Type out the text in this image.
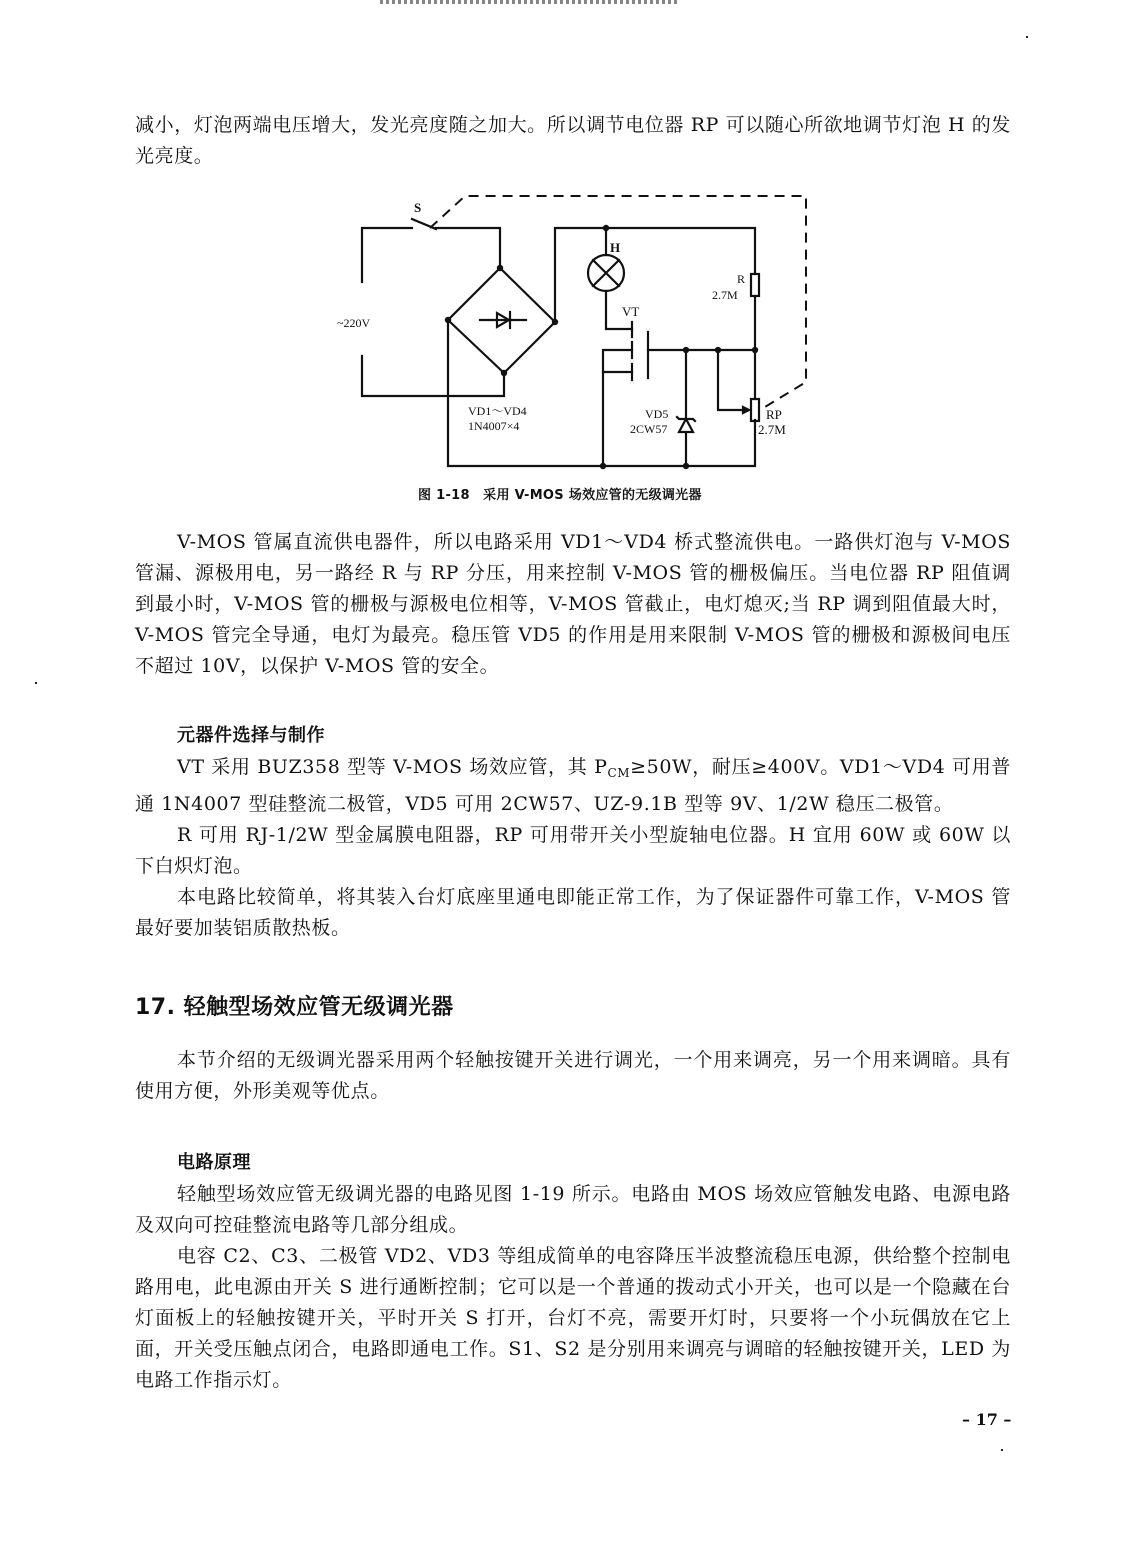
减小，灯泡两端电压增大，发光亮度随之加大。所以调节电位器 RP 可以随心所欲地调节灯泡 H 的发光亮度。

S
~220V
VD1～VD4
1N4007×4
H
VT
R
2.7M
VD5
2CW57
RP
2.7M
图 1-18　采用 V-MOS 场效应管的无级调光器

V-MOS 管属直流供电器件，所以电路采用 VD1～VD4 桥式整流供电。一路供灯泡与 V-MOS 管漏、源极用电，另一路经 R 与 RP 分压，用来控制 V-MOS 管的栅极偏压。当电位器 RP 阻值调到最小时，V-MOS 管的栅极与源极电位相等，V-MOS 管截止，电灯熄灭;当 RP 调到阻值最大时，V-MOS 管完全导通，电灯为最亮。稳压管 VD5 的作用是用来限制 V-MOS 管的栅极和源极间电压不超过 10V，以保护 V-MOS 管的安全。

元器件选择与制作

VT 采用 BUZ358 型等 V-MOS 场效应管，其 $P_{CM}\ge 50W$，耐压≥400V。VD1～VD4 可用普通 1N4007 型硅整流二极管，VD5 可用 2CW57、UZ-9.1B 型等 9V、1/2W 稳压二极管。

R 可用 RJ-1/2W 型金属膜电阻器，RP 可用带开关小型旋轴电位器。H 宜用 60W 或 60W 以下白炽灯泡。

本电路比较简单，将其装入台灯底座里通电即能正常工作，为了保证器件可靠工作，V-MOS 管最好要加装铝质散热板。

17. 轻触型场效应管无级调光器

本节介绍的无级调光器采用两个轻触按键开关进行调光，一个用来调亮，另一个用来调暗。具有使用方便，外形美观等优点。

电路原理

轻触型场效应管无级调光器的电路见图 1-19 所示。电路由 MOS 场效应管触发电路、电源电路及双向可控硅整流电路等几部分组成。

电容 C2、C3、二极管 VD2、VD3 等组成简单的电容降压半波整流稳压电源，供给整个控制电路用电，此电源由开关 S 进行通断控制；它可以是一个普通的拨动式小开关，也可以是一个隐藏在台灯面板上的轻触按键开关，平时开关 S 打开，台灯不亮，需要开灯时，只要将一个小玩偶放在它上面，开关受压触点闭合，电路即通电工作。S1、S2 是分别用来调亮与调暗的轻触按键开关，LED 为电路工作指示灯。

– 17 –
